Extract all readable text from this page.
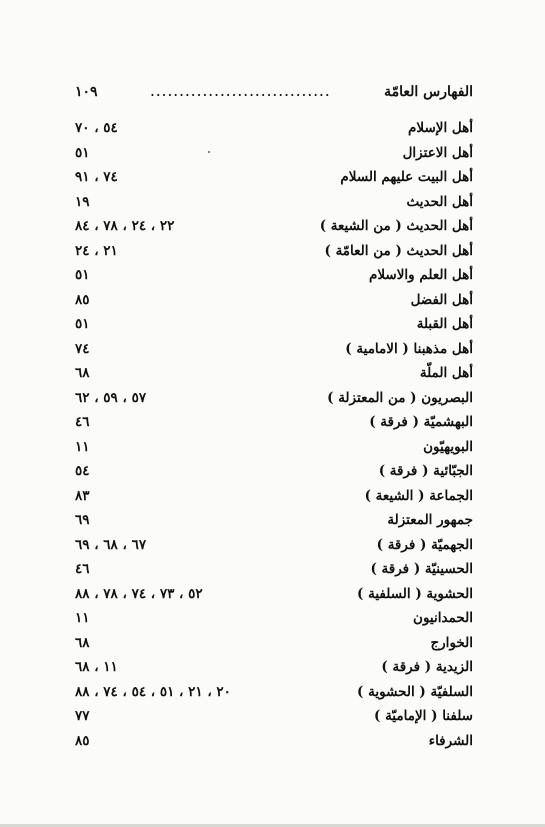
الفهارس العامّة
...............................
١٠٩
أهل الإسلام
٥٤ ، ٧٠
أهل الاعتزال
٥١
أهل البيت عليهم السلام
٧٤ ، ٩١
أهل الحديث
١٩
أهل الحديث ( من الشيعة )
٢٢ ، ٢٤ ، ٧٨ ، ٨٤
أهل الحديث ( من العامّة )
٢١ ، ٢٤
أهل العلم والاسلام
٥١
أهل الفضل
٨٥
أهل القبلة
٥١
أهل مذهبنا ( الامامية )
٧٤
أهل الملّة
٦٨
البصريون ( من المعتزلة )
٥٧ ، ٥٩ ، ٦٢
البهشميّة ( فرقة )
٤٦
البويهيّون
١١
الجبّائية ( فرقة )
٥٤
الجماعة ( الشيعة )
٨٣
جمهور المعتزلة
٦٩
الجهميّة ( فرقة )
٦٧ ، ٦٨ ، ٦٩
الحسينيّة ( فرقة )
٤٦
الحشوية ( السلفية )
٥٢ ، ٧٣ ، ٧٤ ، ٧٨ ، ٨٨
الحمدانيون
١١
الخوارج
٦٨
الزيدية ( فرقة )
١١ ، ٦٨
السلفيّة ( الحشوية )
٢٠ ، ٢١ ، ٥١ ، ٥٤ ، ٧٤ ، ٨٨
سلفنا ( الإماميّة )
٧٧
الشرفاء
٨٥
